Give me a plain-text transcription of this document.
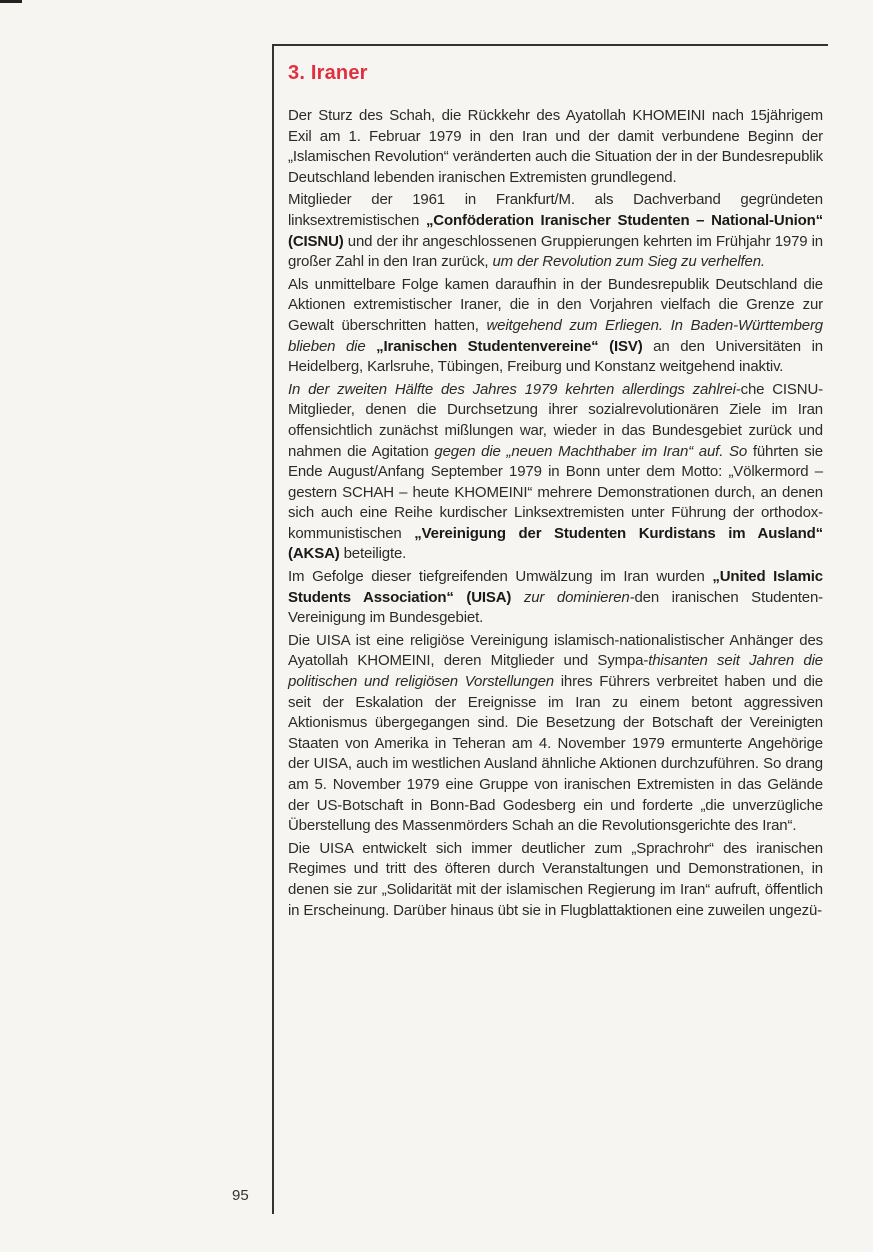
3. Iraner

Der Sturz des Schah, die Rückkehr des Ayatollah KHOMEINI nach 15jährigem Exil am 1. Februar 1979 in den Iran und der damit verbundene Beginn der „Islamischen Revolution“ veränderten auch die Situation der in der Bundesrepublik Deutschland lebenden iranischen Extremisten grundlegend.

Mitglieder der 1961 in Frankfurt/M. als Dachverband gegründeten linksextremistischen „Conföderation Iranischer Studenten – National-Union“ (CISNU) und der ihr angeschlossenen Gruppierungen kehrten im Frühjahr 1979 in großer Zahl in den Iran zurück, um der Revolution zum Sieg zu verhelfen.

Als unmittelbare Folge kamen daraufhin in der Bundesrepublik Deutschland die Aktionen extremistischer Iraner, die in den Vorjahren vielfach die Grenze zur Gewalt überschritten hatten, weitgehend zum Erliegen. In Baden-Württemberg blieben die „Iranischen Studentenvereine“ (ISV) an den Universitäten in Heidelberg, Karlsruhe, Tübingen, Freiburg und Konstanz weitgehend inaktiv.

In der zweiten Hälfte des Jahres 1979 kehrten allerdings zahlrei-che CISNU-Mitglieder, denen die Durchsetzung ihrer sozialrevolutionären Ziele im Iran offensichtlich zunächst mißlungen war, wieder in das Bundesgebiet zurück und nahmen die Agitation gegen die „neuen Machthaber im Iran“ auf. So führten sie Ende August/Anfang September 1979 in Bonn unter dem Motto: „Völkermord – gestern SCHAH – heute KHOMEINI“ mehrere Demonstrationen durch, an denen sich auch eine Reihe kurdischer Linksextremisten unter Führung der orthodox-kommunistischen „Vereinigung der Studenten Kurdistans im Ausland“ (AKSA) beteiligte.

Im Gefolge dieser tiefgreifenden Umwälzung im Iran wurden „United Islamic Students Association“ (UISA) zur dominieren-den iranischen Studenten-Vereinigung im Bundesgebiet.

Die UISA ist eine religiöse Vereinigung islamisch-nationalistischer Anhänger des Ayatollah KHOMEINI, deren Mitglieder und Sympa-thisanten seit Jahren die politischen und religiösen Vorstellungen ihres Führers verbreitet haben und die seit der Eskalation der Ereignisse im Iran zu einem betont aggressiven Aktionismus übergegangen sind. Die Besetzung der Botschaft der Vereinigten Staaten von Amerika in Teheran am 4. November 1979 ermunterte Angehörige der UISA, auch im westlichen Ausland ähnliche Aktionen durchzuführen. So drang am 5. November 1979 eine Gruppe von iranischen Extremisten in das Gelände der US-Botschaft in Bonn-Bad Godesberg ein und forderte „die unverzügliche Überstellung des Massenmörders Schah an die Revolutionsgerichte des Iran“.

Die UISA entwickelt sich immer deutlicher zum „Sprachrohr“ des iranischen Regimes und tritt des öfteren durch Veranstaltungen und Demonstrationen, in denen sie zur „Solidarität mit der islamischen Regierung im Iran“ aufruft, öffentlich in Erscheinung. Darüber hinaus übt sie in Flugblattaktionen eine zuweilen ungezü-

95
